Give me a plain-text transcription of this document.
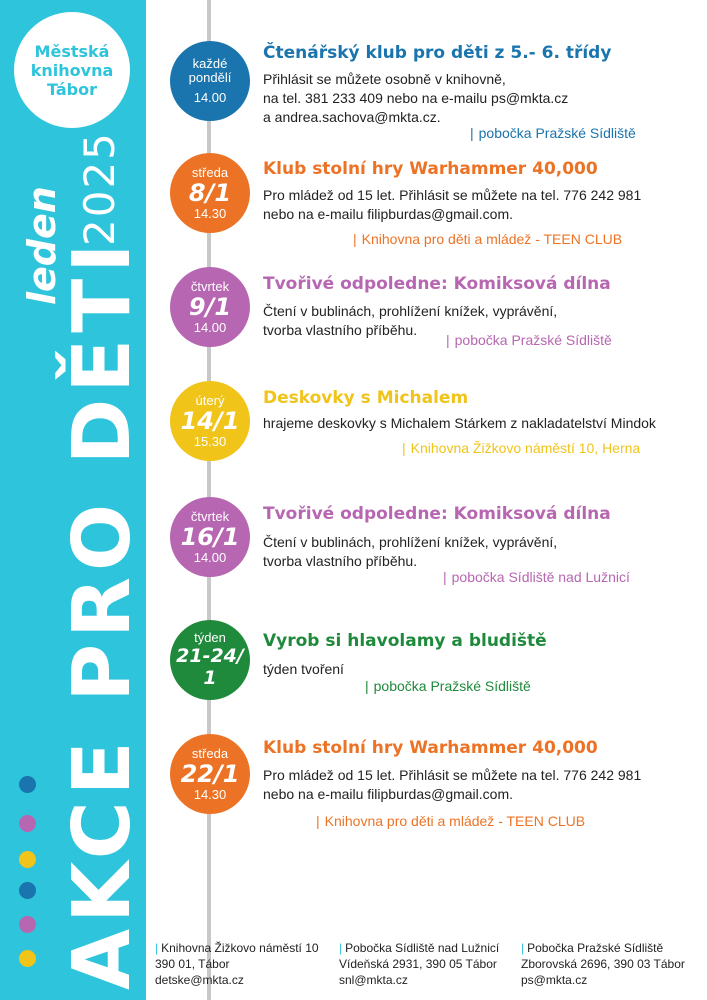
Městská
knihovna
Tábor
leden 2025
AKCE PRO DĚTI
každé pondělí
14.00
Čtenářský klub pro děti z 5.- 6. třídy
Přihlásit se můžete osobně v knihovně,
na tel. 381 233 409 nebo na e-mailu ps@mkta.cz
a andrea.sachova@mkta.cz.
| pobočka Pražské Sídliště
středa
8/1
14.30
Klub stolní hry Warhammer 40,000
Pro mládež od 15 let. Přihlásit se můžete na tel. 776 242 981
nebo na e-mailu filipburdas@gmail.com.
| Knihovna pro děti a mládež - TEEN CLUB
čtvrtek
9/1
14.00
Tvořivé odpoledne: Komiksová dílna
Čtení v bublinách, prohlížení knížek, vyprávění,
tvorba vlastního příběhu.
| pobočka Pražské Sídliště
úterý
14/1
15.30
Deskovky s Michalem
hrajeme deskovky s Michalem Stárkem z nakladatelství Mindok
| Knihovna Žižkovo náměstí 10, Herna
čtvrtek
16/1
14.00
Tvořivé odpoledne: Komiksová dílna
Čtení v bublinách, prohlížení knížek, vyprávění,
tvorba vlastního příběhu.
| pobočka Sídliště nad Lužnicí
týden
21-24/
1
Vyrob si hlavolamy a bludiště
týden tvoření
| pobočka Pražské Sídliště
středa
22/1
14.30
Klub stolní hry Warhammer 40,000
Pro mládež od 15 let. Přihlásit se můžete na tel. 776 242 981
nebo na e-mailu filipburdas@gmail.com.
| Knihovna pro děti a mládež - TEEN CLUB
| Knihovna Žižkovo náměstí 10
390 01, Tábor
detske@mkta.cz
| Pobočka Sídliště nad Lužnicí
Vídeňská 2931, 390 05 Tábor
snl@mkta.cz
| Pobočka Pražské Sídliště
Zborovská 2696, 390 03 Tábor
ps@mkta.cz
